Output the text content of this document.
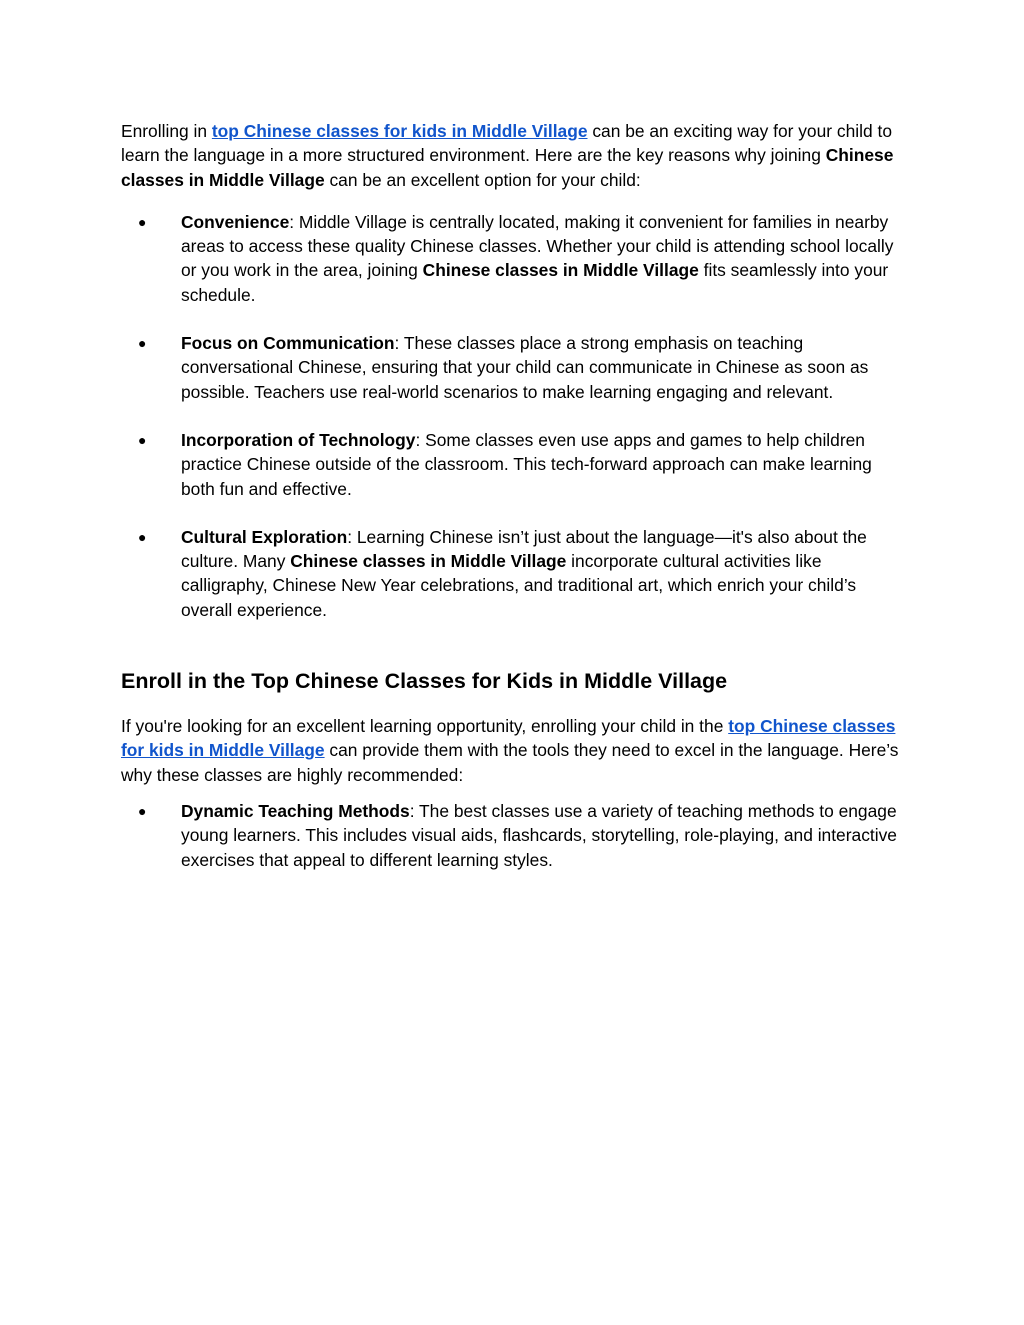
Enrolling in top Chinese classes for kids in Middle Village can be an exciting way for your child to learn the language in a more structured environment. Here are the key reasons why joining Chinese classes in Middle Village can be an excellent option for your child:

● Convenience: Middle Village is centrally located, making it convenient for families in nearby areas to access these quality Chinese classes. Whether your child is attending school locally or you work in the area, joining Chinese classes in Middle Village fits seamlessly into your schedule.
● Focus on Communication: These classes place a strong emphasis on teaching conversational Chinese, ensuring that your child can communicate in Chinese as soon as possible. Teachers use real-world scenarios to make learning engaging and relevant.
● Incorporation of Technology: Some classes even use apps and games to help children practice Chinese outside of the classroom. This tech-forward approach can make learning both fun and effective.
● Cultural Exploration: Learning Chinese isn’t just about the language—it's also about the culture. Many Chinese classes in Middle Village incorporate cultural activities like calligraphy, Chinese New Year celebrations, and traditional art, which enrich your child’s overall experience.
Enroll in the Top Chinese Classes for Kids in Middle Village

If you're looking for an excellent learning opportunity, enrolling your child in the top Chinese classes for kids in Middle Village can provide them with the tools they need to excel in the language. Here’s why these classes are highly recommended:

● Dynamic Teaching Methods: The best classes use a variety of teaching methods to engage young learners. This includes visual aids, flashcards, storytelling, role-playing, and interactive exercises that appeal to different learning styles.
